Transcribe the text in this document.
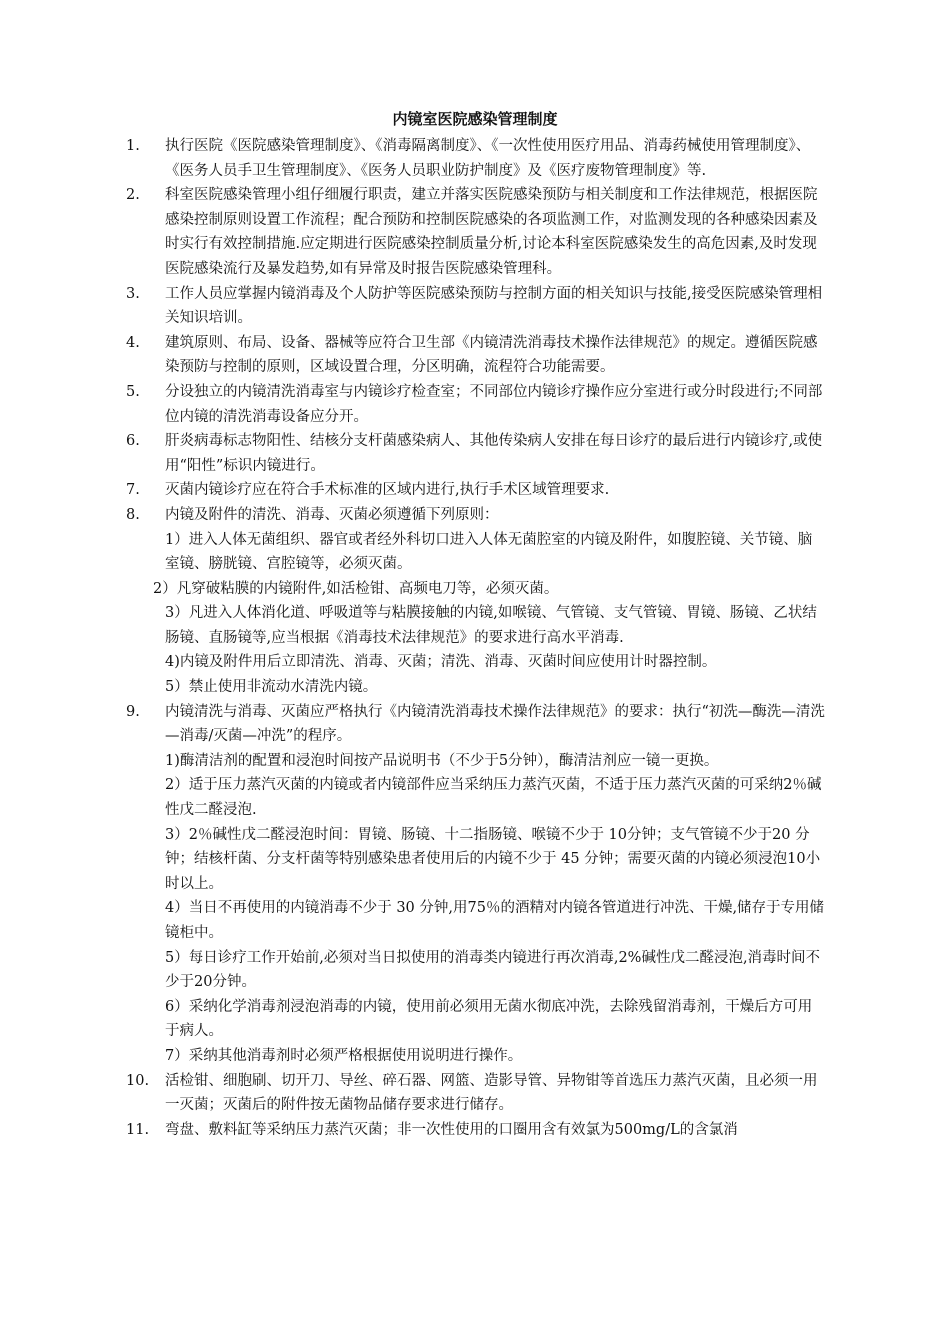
内镜室医院感染管理制度
1. 执行医院《医院感染管理制度》、《消毒隔离制度》、《一次性使用医疗用品、消毒药械使用管理制度》、《医务人员手卫生管理制度》、《医务人员职业防护制度》及《医疗废物管理制度》等.
2. 科室医院感染管理小组仔细履行职责，建立并落实医院感染预防与相关制度和工作法律规范，根据医院感染控制原则设置工作流程；配合预防和控制医院感染的各项监测工作，对监测发现的各种感染因素及时实行有效控制措施.应定期进行医院感染控制质量分析,讨论本科室医院感染发生的高危因素,及时发现医院感染流行及暴发趋势,如有异常及时报告医院感染管理科。
3. 工作人员应掌握内镜消毒及个人防护等医院感染预防与控制方面的相关知识与技能,接受医院感染管理相关知识培训。
4. 建筑原则、布局、设备、器械等应符合卫生部《内镜清洗消毒技术操作法律规范》的规定。遵循医院感染预防与控制的原则，区域设置合理，分区明确，流程符合功能需要。
5. 分设独立的内镜清洗消毒室与内镜诊疗检查室；不同部位内镜诊疗操作应分室进行或分时段进行;不同部位内镜的清洗消毒设备应分开。
6. 肝炎病毒标志物阳性、结核分支杆菌感染病人、其他传染病人安排在每日诊疗的最后进行内镜诊疗,或使用“阳性”标识内镜进行。
7. 灭菌内镜诊疗应在符合手术标准的区域内进行,执行手术区域管理要求.
8. 内镜及附件的清洗、消毒、灭菌必须遵循下列原则：
1）进入人体无菌组织、器官或者经外科切口进入人体无菌腔室的内镜及附件，如腹腔镜、关节镜、脑室镜、膀胱镜、宫腔镜等，必须灭菌。
2）凡穿破粘膜的内镜附件,如活检钳、高频电刀等，必须灭菌。
3）凡进入人体消化道、呼吸道等与粘膜接触的内镜,如喉镜、气管镜、支气管镜、胃镜、肠镜、乙状结肠镜、直肠镜等,应当根据《消毒技术法律规范》的要求进行高水平消毒.
4)内镜及附件用后立即清洗、消毒、灭菌；清洗、消毒、灭菌时间应使用计时器控制。
5）禁止使用非流动水清洗内镜。
9. 内镜清洗与消毒、灭菌应严格执行《内镜清洗消毒技术操作法律规范》的要求：执行“初洗—酶洗—清洗—消毒/灭菌—冲洗”的程序。
1)酶清洁剂的配置和浸泡时间按产品说明书（不少于5分钟），酶清洁剂应一镜一更换。
2）适于压力蒸汽灭菌的内镜或者内镜部件应当采纳压力蒸汽灭菌，不适于压力蒸汽灭菌的可采纳2％碱性戊二醛浸泡.
3）2％碱性戊二醛浸泡时间：胃镜、肠镜、十二指肠镜、喉镜不少于 10分钟；支气管镜不少于20 分钟；结核杆菌、分支杆菌等特别感染患者使用后的内镜不少于 45 分钟；需要灭菌的内镜必须浸泡10小时以上。
4）当日不再使用的内镜消毒不少于 30 分钟,用75％的酒精对内镜各管道进行冲洗、干燥,储存于专用储镜柜中。
5）每日诊疗工作开始前,必须对当日拟使用的消毒类内镜进行再次消毒,2%碱性戊二醛浸泡,消毒时间不少于20分钟。
6）采纳化学消毒剂浸泡消毒的内镜，使用前必须用无菌水彻底冲洗，去除残留消毒剂，干燥后方可用于病人。
7）采纳其他消毒剂时必须严格根据使用说明进行操作。
10. 活检钳、细胞刷、切开刀、导丝、碎石器、网篮、造影导管、异物钳等首选压力蒸汽灭菌，且必须一用一灭菌；灭菌后的附件按无菌物品储存要求进行储存。
11. 弯盘、敷料缸等采纳压力蒸汽灭菌；非一次性使用的口圈用含有效氯为500mg/L的含氯消
